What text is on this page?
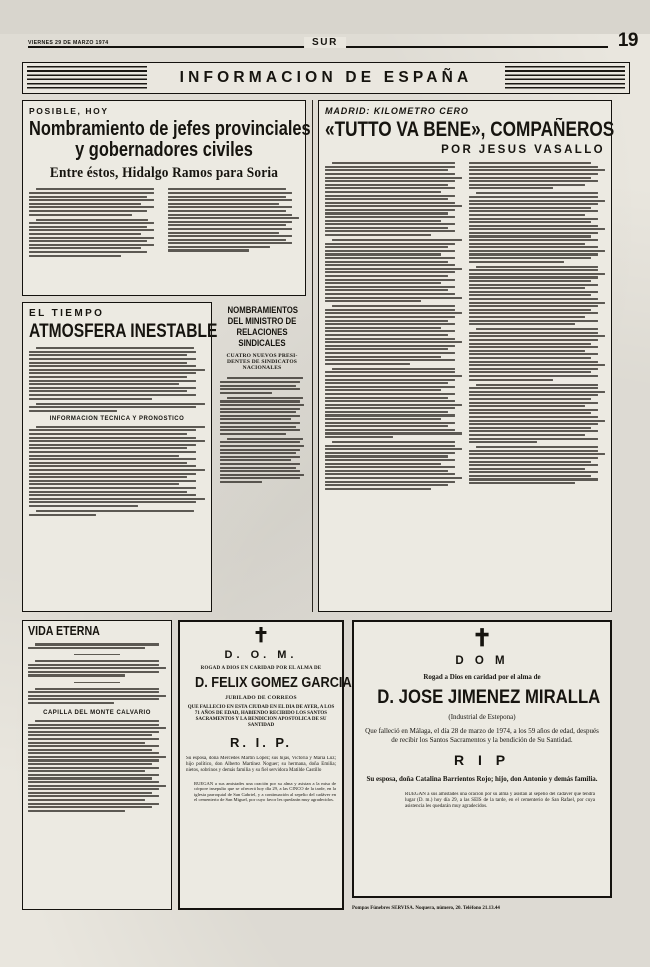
VIERNES 29 DE MARZO 1974	SUR	19
INFORMACION DE ESPAÑA
POSIBLE, HOY
Nombramiento de jefes provinciales
y gobernadores civiles
Entre éstos, Hidalgo Ramos para Soria
EL TIEMPO
ATMOSFERA INESTABLE
INFORMACION TECNICA Y PRONOSTICO
NOMBRAMIENTOS
DEL MINISTRO DE
RELACIONES
SINDICALES
CUATRO NUEVOS PRESI-
DENTES DE SINDICATOS
NACIONALES
MADRID: KILOMETRO CERO
«TUTTO VA BENE», COMPAÑEROS
POR JESUS VASALLO
VIDA ETERNA
CAPILLA DEL MONTE CALVARIO
✝
D. O. M.
ROGAD A DIOS EN CARIDAD POR EL ALMA DE
D. FELIX GOMEZ GARCIA
JUBILADO DE CORREOS
QUE FALLECIO EN ESTA CIUDAD EN EL DIA DE AYER, A LOS 71 AÑOS DE EDAD, HABIENDO RECIBIDO LOS SANTOS SACRAMENTOS Y LA BENDICION APOSTOLICA DE SU SANTIDAD
R. I. P.
Su esposa, doña Mercedes Martín López; sus hijas, Victoria y María Luz; hijo político, don Alberto Martínez Noguer; su hermana, doña Emilia; nietos, sobrinos y demás familia y su fiel servidora Matilde Castillo
RUEGAN a sus amistades una oración por su alma y asistan a la misa de córpore insepulto que se ofrecerá hoy día 29, a las CINCO de la tarde, en la iglesia parroquial de San Gabriel, y a continuación al sepelio del cadáver en el cementerio de San Miguel, por cuyo favor les quedarán muy agradecidos.
✝
D O M
Rogad a Dios en caridad por el alma de
D. JOSE JIMENEZ MIRALLA
(Industrial de Estepona)
Que falleció en Málaga, el día 28 de marzo de 1974, a los 59 años de edad, después de recibir los Santos Sacramentos y la bendición de Su Santidad.
R I P
Su esposa, doña Catalina Barrientos Rojo; hijo, don Antonio y demás familia.
RUEGAN a sus amistades una oración por su alma y asistan al sepelio del cadáver que tendrá lugar (D. m.) hoy día 29, a las SEIS de la tarde, en el cementerio de San Rafael, por cuya asistencia les quedarán muy agradecidos.
Pompas Fúnebres SERVISA. Noquera, número, 20. Teléfono 21.13.44
